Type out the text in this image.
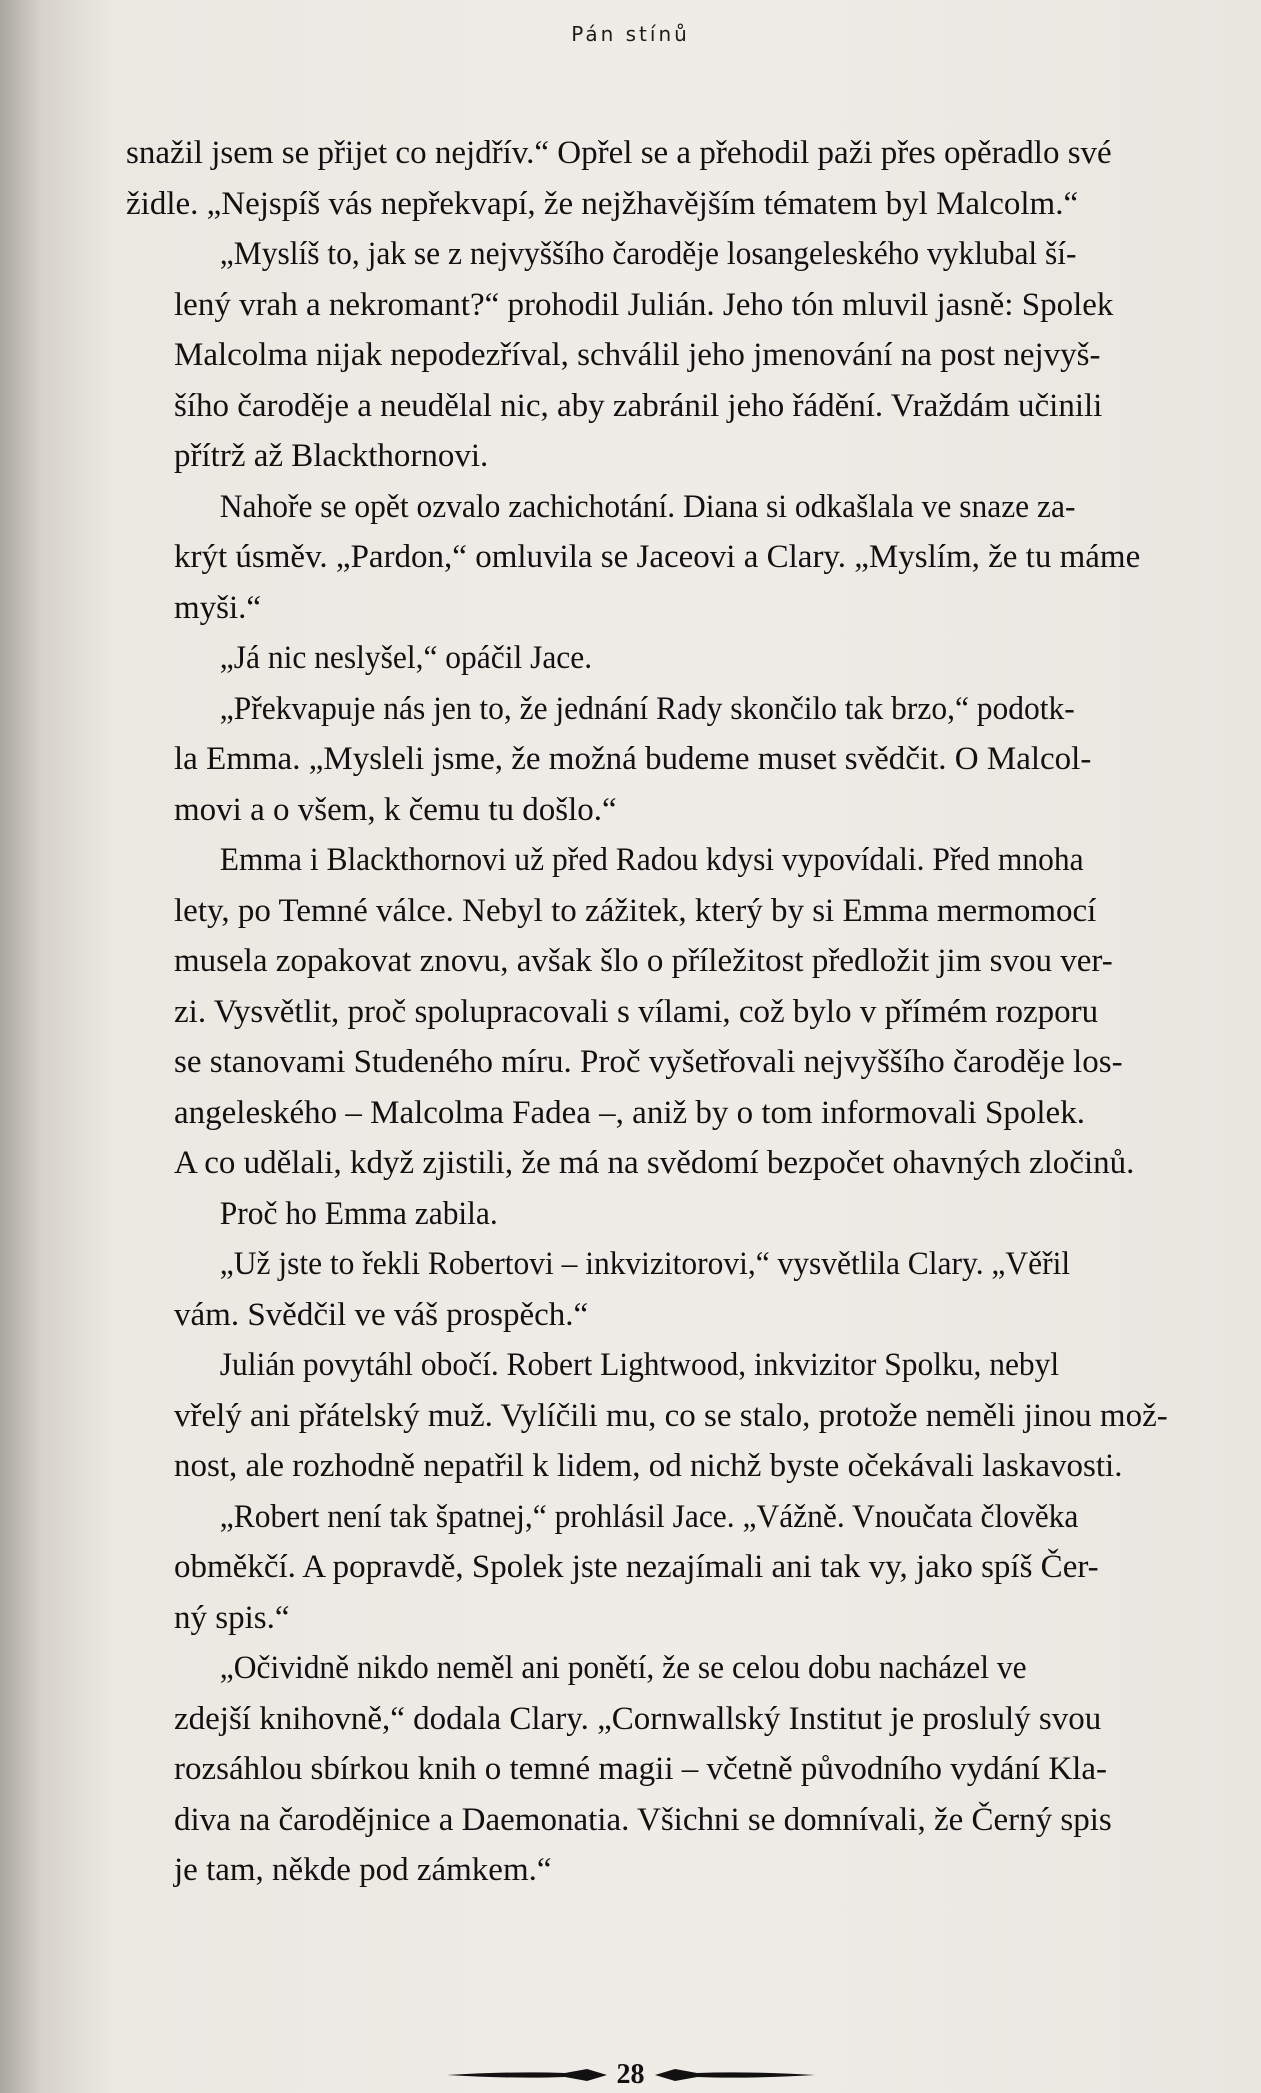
Pán stínů

snažil jsem se přijet co nejdřív.“ Opřel se a přehodil paži přes opěradlo své
židle. „Nejspíš vás nepřekvapí, že nejžhavějším tématem byl Malcolm.“

„Myslíš to, jak se z nejvyššího čaroděje losangeleského vyklubal ší-

lený vrah a nekromant?“ prohodil Julián. Jeho tón mluvil jasně: Spolek
Malcolma nijak nepodezříval, schválil jeho jmenování na post nejvyš-
šího čaroděje a neudělal nic, aby zabránil jeho řádění. Vraždám učinili
přítrž až Blackthornovi.

Nahoře se opět ozvalo zachichotání. Diana si odkašlala ve snaze za-

krýt úsměv. „Pardon,“ omluvila se Jaceovi a Clary. „Myslím, že tu máme
myši.“

„Já nic neslyšel,“ opáčil Jace.

„Překvapuje nás jen to, že jednání Rady skončilo tak brzo,“ podotk-

la Emma. „Mysleli jsme, že možná budeme muset svědčit. O Malcol-
movi a o všem, k čemu tu došlo.“

Emma i Blackthornovi už před Radou kdysi vypovídali. Před mnoha

lety, po Temné válce. Nebyl to zážitek, který by si Emma mermomocí
musela zopakovat znovu, avšak šlo o příležitost předložit jim svou ver-
zi. Vysvětlit, proč spolupracovali s vílami, což bylo v přímém rozporu
se stanovami Studeného míru. Proč vyšetřovali nejvyššího čaroděje los-
angeleského – Malcolma Fadea –, aniž by o tom informovali Spolek.
A co udělali, když zjistili, že má na svědomí bezpočet ohavných zločinů.

Proč ho Emma zabila.

„Už jste to řekli Robertovi – inkvizitorovi,“ vysvětlila Clary. „Věřil

vám. Svědčil ve váš prospěch.“

Julián povytáhl obočí. Robert Lightwood, inkvizitor Spolku, nebyl

vřelý ani přátelský muž. Vylíčili mu, co se stalo, protože neměli jinou mož-
nost, ale rozhodně nepatřil k lidem, od nichž byste očekávali laskavosti.

„Robert není tak špatnej,“ prohlásil Jace. „Vážně. Vnoučata člověka

obměkčí. A popravdě, Spolek jste nezajímali ani tak vy, jako spíš Čer-
ný spis.“

„Očividně nikdo neměl ani ponětí, že se celou dobu nacházel ve

zdejší knihovně,“ dodala Clary. „Cornwallský Institut je proslulý svou
rozsáhlou sbírkou knih o temné magii – včetně původního vydání Kla-
diva na čarodějnice a Daemonatia. Všichni se domnívali, že Černý spis
je tam, někde pod zámkem.“

28
